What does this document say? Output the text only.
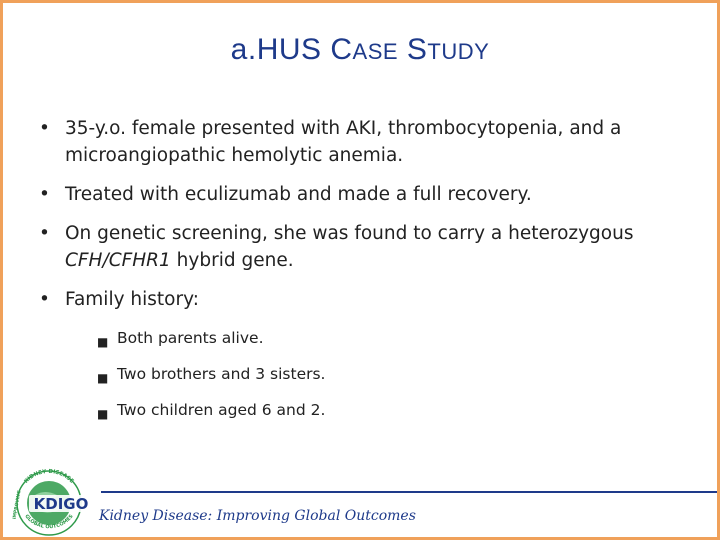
a.HUS CASE STUDY
• 35-y.o. female presented with AKI, thrombocytopenia, and a microangiopathic hemolytic anemia.
• Treated with eculizumab and made a full recovery.
• On genetic screening, she was found to carry a heterozygous CFH/CFHR1 hybrid gene.
• Family history:
■ Both parents alive.
■ Two brothers and 3 sisters.
■ Two children aged 6 and 2.
KIDNEY DISEASE
GLOBAL OUTCOMES
IMPROVING KDIGO
Kidney Disease: Improving Global Outcomes
